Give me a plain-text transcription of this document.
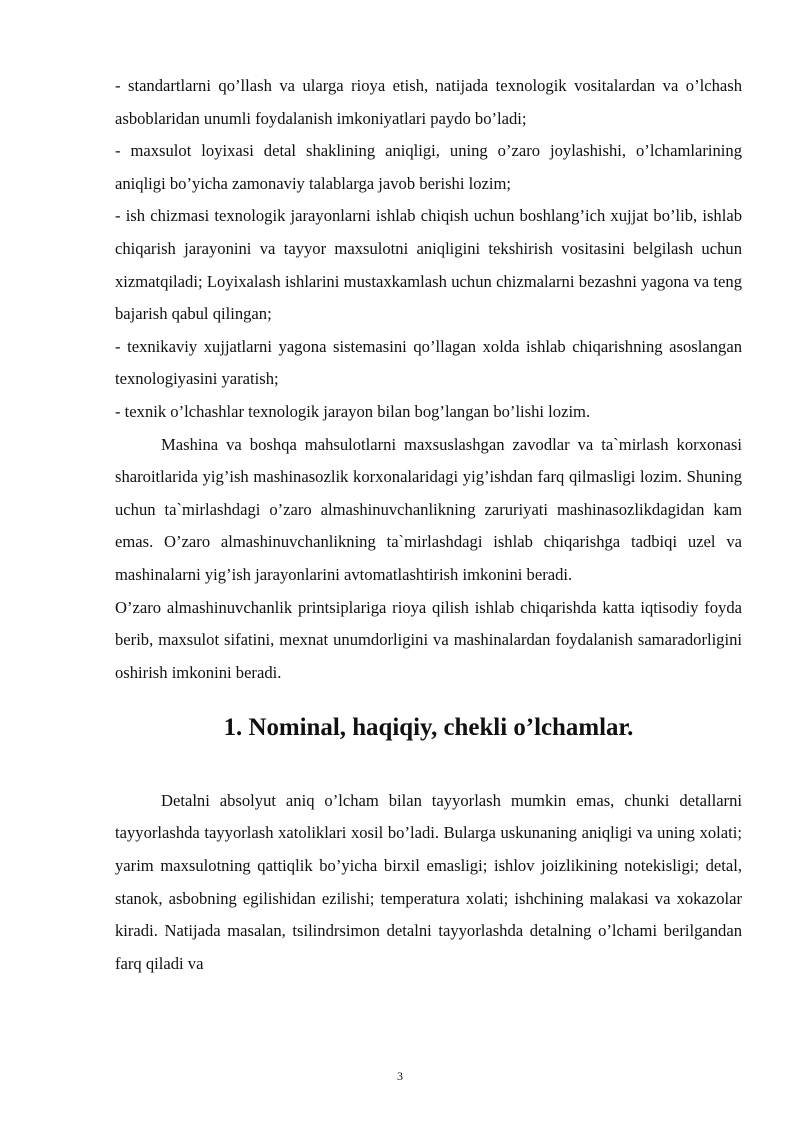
- standartlarni qo’llash va ularga rioya etish, natijada texnologik vositalardan va o’lchash asboblaridan unumli foydalanish imkoniyatlari paydo bo’ladi;

- maxsulot loyixasi detal shaklining aniqligi, uning o’zaro joylashishi, o’lchamlarining aniqligi bo’yicha zamonaviy talablarga javob berishi lozim;

- ish chizmasi texnologik jarayonlarni ishlab chiqish uchun boshlang’ich xujjat bo’lib, ishlab chiqarish jarayonini va tayyor maxsulotni aniqligini tekshirish vositasini belgilash uchun xizmatqiladi; Loyixalash ishlarini mustaxkamlash uchun chizmalarni bezashni yagona va teng bajarish qabul qilingan;

- texnikaviy xujjatlarni yagona sistemasini qo’llagan xolda ishlab chiqarishning asoslangan texnologiyasini yaratish;

- texnik o’lchashlar texnologik jarayon bilan bog’langan bo’lishi lozim.

Mashina va boshqa mahsulotlarni maxsuslashgan zavodlar va ta`mirlash korxonasi sharoitlarida yig’ish mashinasozlik korxonalaridagi yig’ishdan farq qilmasligi lozim. Shuning uchun ta`mirlashdagi o’zaro almashinuvchanlikning zaruriyati mashinasozlikdagidan kam emas. O’zaro almashinuvchanlikning ta`mirlashdagi ishlab chiqarishga tadbiqi uzel va mashinalarni yig’ish jarayonlarini avtomatlashtirish imkonini beradi.

O’zaro almashinuvchanlik printsiplariga rioya qilish ishlab chiqarishda katta iqtisodiy foyda berib, maxsulot sifatini, mexnat unumdorligini va mashinalardan foydalanish samaradorligini oshirish imkonini beradi.

1. Nominal, haqiqiy, chekli o’lchamlar.

Detalni absolyut aniq o’lcham bilan tayyorlash mumkin emas, chunki detallarni tayyorlashda tayyorlash xatoliklari xosil bo’ladi. Bularga uskunaning aniqligi va uning xolati; yarim maxsulotning qattiqlik bo’yicha birxil emasligi; ishlov joizlikining notekisligi; detal, stanok, asbobning egilishidan ezilishi; temperatura xolati; ishchining malakasi va xokazolar kiradi. Natijada masalan, tsilindrsimon detalni tayyorlashda detalning o’lchami berilgandan farq qiladi va

3
